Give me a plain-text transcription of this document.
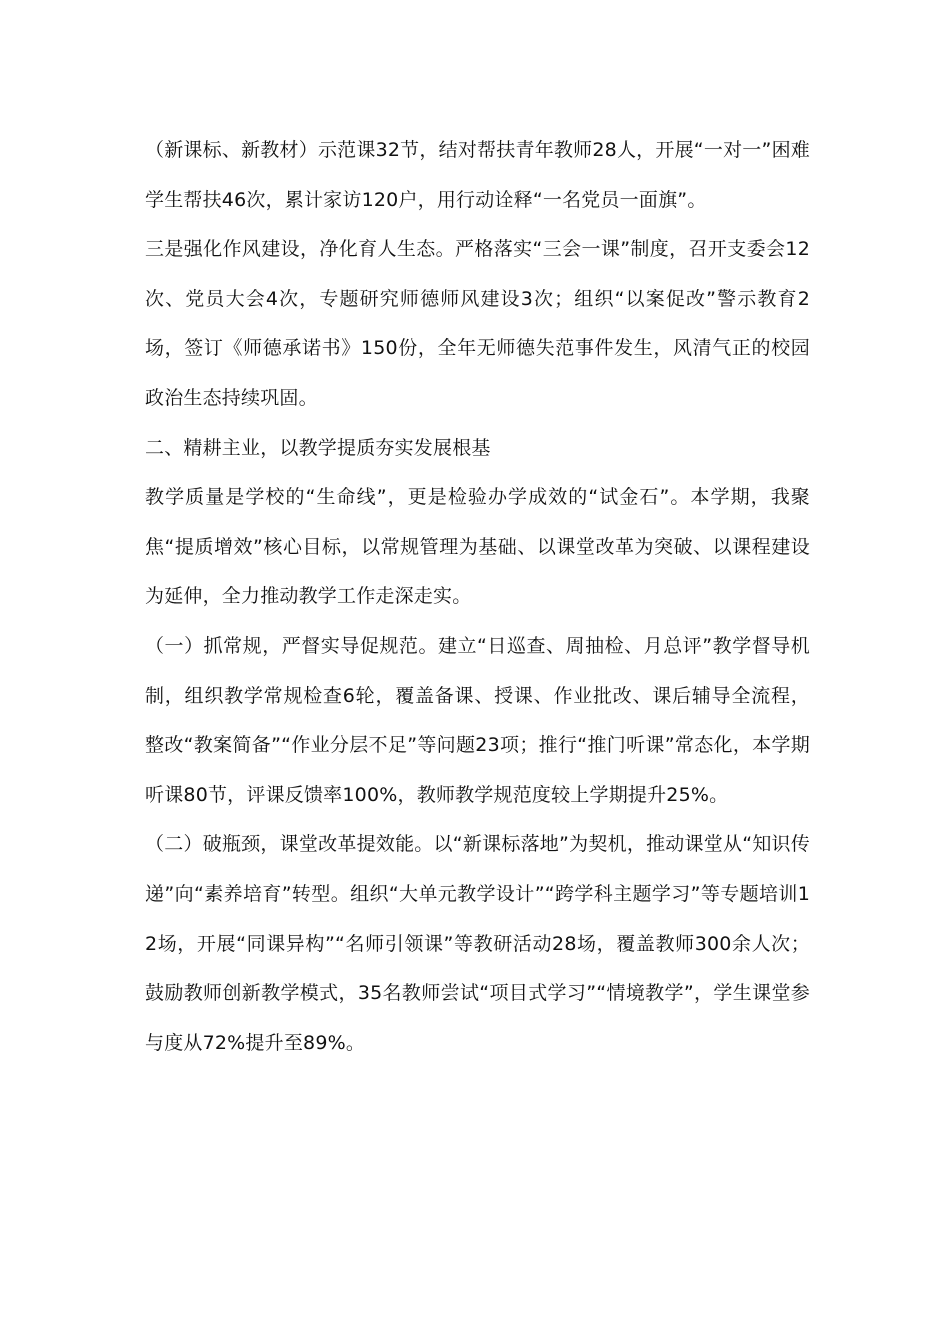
（新课标、新教材）示范课32节，结对帮扶青年教师28人，开展“一对一”困难学生帮扶46次，累计家访120户，用行动诠释“一名党员一面旗”。

三是强化作风建设，净化育人生态。严格落实“三会一课”制度，召开支委会12次、党员大会4次，专题研究师德师风建设3次；组织“以案促改”警示教育2场，签订《师德承诺书》150份，全年无师德失范事件发生，风清气正的校园政治生态持续巩固。

二、精耕主业，以教学提质夯实发展根基

教学质量是学校的“生命线”，更是检验办学成效的“试金石”。本学期，我聚焦“提质增效”核心目标，以常规管理为基础、以课堂改革为突破、以课程建设为延伸，全力推动教学工作走深走实。

（一）抓常规，严督实导促规范。建立“日巡查、周抽检、月总评”教学督导机制，组织教学常规检查6轮，覆盖备课、授课、作业批改、课后辅导全流程，整改“教案简备”“作业分层不足”等问题23项；推行“推门听课”常态化，本学期听课80节，评课反馈率100%，教师教学规范度较上学期提升25%。

（二）破瓶颈，课堂改革提效能。以“新课标落地”为契机，推动课堂从“知识传递”向“素养培育”转型。组织“大单元教学设计”“跨学科主题学习”等专题培训12场，开展“同课异构”“名师引领课”等教研活动28场，覆盖教师300余人次；鼓励教师创新教学模式，35名教师尝试“项目式学习”“情境教学”，学生课堂参与度从72%提升至89%。
